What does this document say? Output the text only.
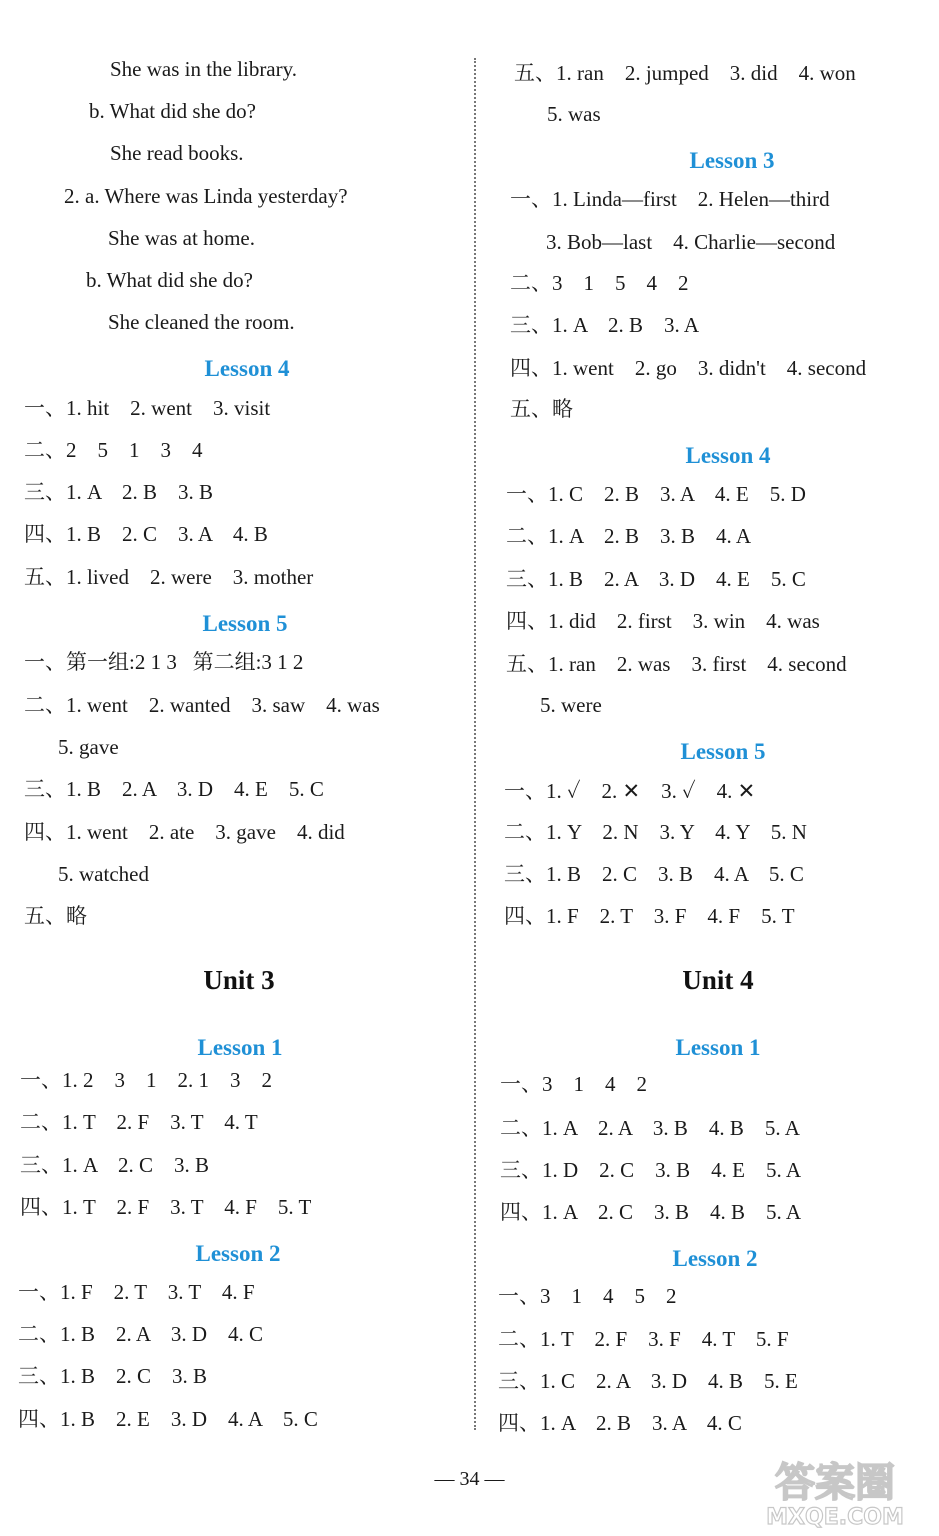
She was in the library.
b. What did she do?
She read books.
2. a. Where was Linda yesterday?
She was at home.
b. What did she do?
She cleaned the room.
Lesson 4
一、1. hit    2. went    3. visit
二、2    5    1    3    4
三、1. A    2. B    3. B
四、1. B    2. C    3. A    4. B
五、1. lived    2. were    3. mother
Lesson 5
一、第一组:2 1 3   第二组:3 1 2
二、1. went    2. wanted    3. saw    4. was
5. gave
三、1. B    2. A    3. D    4. E    5. C
四、1. went    2. ate    3. gave    4. did
5. watched
五、略
Unit 3
Lesson 1
一、1. 2    3    1    2. 1    3    2
二、1. T    2. F    3. T    4. T
三、1. A    2. C    3. B
四、1. T    2. F    3. T    4. F    5. T
Lesson 2
一、1. F    2. T    3. T    4. F
二、1. B    2. A    3. D    4. C
三、1. B    2. C    3. B
四、1. B    2. E    3. D    4. A    5. C
五、1. ran    2. jumped    3. did    4. won
5. was
Lesson 3
一、1. Linda—first    2. Helen—third
3. Bob—last    4. Charlie—second
二、3    1    5    4    2
三、1. A    2. B    3. A
四、1. went    2. go    3. didn't    4. second
五、略
Lesson 4
一、1. C    2. B    3. A    4. E    5. D
二、1. A    2. B    3. B    4. A
三、1. B    2. A    3. D    4. E    5. C
四、1. did    2. first    3. win    4. was
五、1. ran    2. was    3. first    4. second
5. were
Lesson 5
一、1. ✓    2. ✕    3. ✓    4. ✕
二、1. Y    2. N    3. Y    4. Y    5. N
三、1. B    2. C    3. B    4. A    5. C
四、1. F    2. T    3. F    4. F    5. T
Unit 4
Lesson 1
一、3    1    4    2
二、1. A    2. A    3. B    4. B    5. A
三、1. D    2. C    3. B    4. E    5. A
四、1. A    2. C    3. B    4. B    5. A
Lesson 2
一、3    1    4    5    2
二、1. T    2. F    3. F    4. T    5. F
三、1. C    2. A    3. D    4. B    5. E
四、1. A    2. B    3. A    4. C
— 34 —	答案圈
MXQE.COM
